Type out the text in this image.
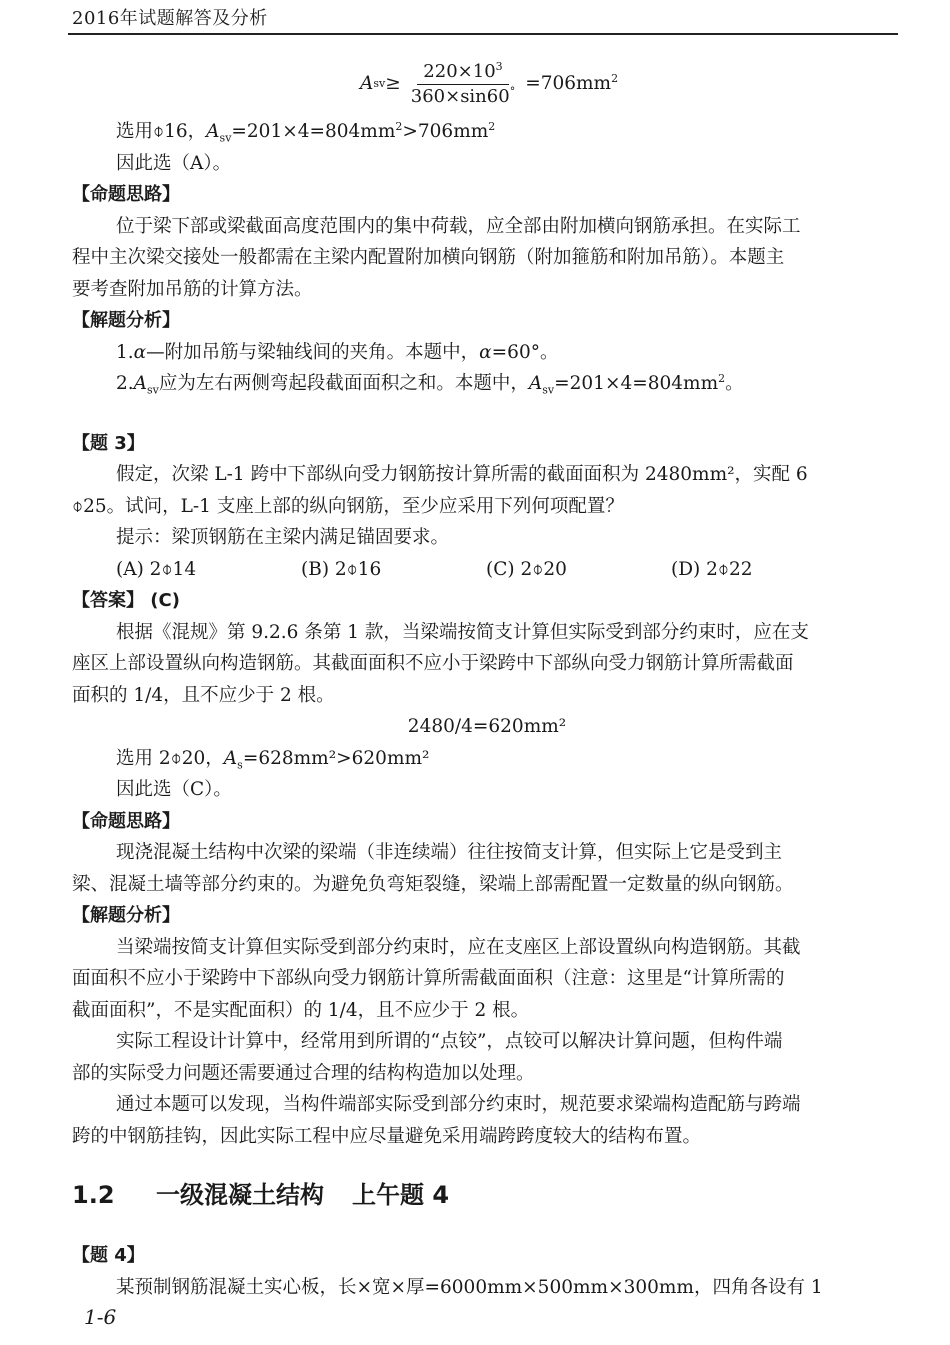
2016年试题解答及分析
A sv ≥ $\frac{220\times 10^3}{360\times\sin 60^\circ} =706mm^2$
选用⌽16，$A_{sv}=201\times 4=804mm^2>706mm^2$
因此选（A）。
【命题思路】
位于梁下部或梁截面高度范围内的集中荷载，应全部由附加横向钢筋承担。在实际工
程中主次梁交接处一般都需在主梁内配置附加横向钢筋（附加箍筋和附加吊筋）。本题主
要考查附加吊筋的计算方法。
【解题分析】
1.α—附加吊筋与梁轴线间的夹角。本题中，α=60°。
$2.A_{sv}$应为左右两侧弯起段截面面积之和。本题中，$A_{sv}=201\times 4=804mm^2$。
【题 3】
假定，次梁 L-1 跨中下部纵向受力钢筋按计算所需的截面面积为 2480mm²，实配 6
⌽25。试问，L-1 支座上部的纵向钢筋，至少应采用下列何项配置？
提示：梁顶钢筋在主梁内满足锚固要求。
(A) 2⌽14	(B) 2⌽16	(C) 2⌽20	(D) 2⌽22
【答案】 (C)
根据《混规》第 9.2.6 条第 1 款，当梁端按简支计算但实际受到部分约束时，应在支
座区上部设置纵向构造钢筋。其截面面积不应小于梁跨中下部纵向受力钢筋计算所需截面
面积的 1/4，且不应少于 2 根。
2480/4=620mm²
选用 2⌽20，$A_s=628mm^2>620mm^2$
因此选（C）。
【命题思路】
现浇混凝土结构中次梁的梁端（非连续端）往往按简支计算，但实际上它是受到主
梁、混凝土墙等部分约束的。为避免负弯矩裂缝，梁端上部需配置一定数量的纵向钢筋。
【解题分析】
当梁端按简支计算但实际受到部分约束时，应在支座区上部设置纵向构造钢筋。其截
面面积不应小于梁跨中下部纵向受力钢筋计算所需截面面积（注意：这里是“计算所需的
截面面积”，不是实配面积）的 1/4，且不应少于 2 根。
实际工程设计计算中，经常用到所谓的“点铰”，点铰可以解决计算问题，但构件端
部的实际受力问题还需要通过合理的结构构造加以处理。
通过本题可以发现，当构件端部实际受到部分约束时，规范要求梁端构造配筋与跨端
跨的中钢筋挂钩，因此实际工程中应尽量避免采用端跨跨度较大的结构布置。
1.2 一级混凝土结构 上午题 4
【题 4】
某预制钢筋混凝土实心板，长×宽×厚=6000mm×500mm×300mm，四角各设有 1
1-6
